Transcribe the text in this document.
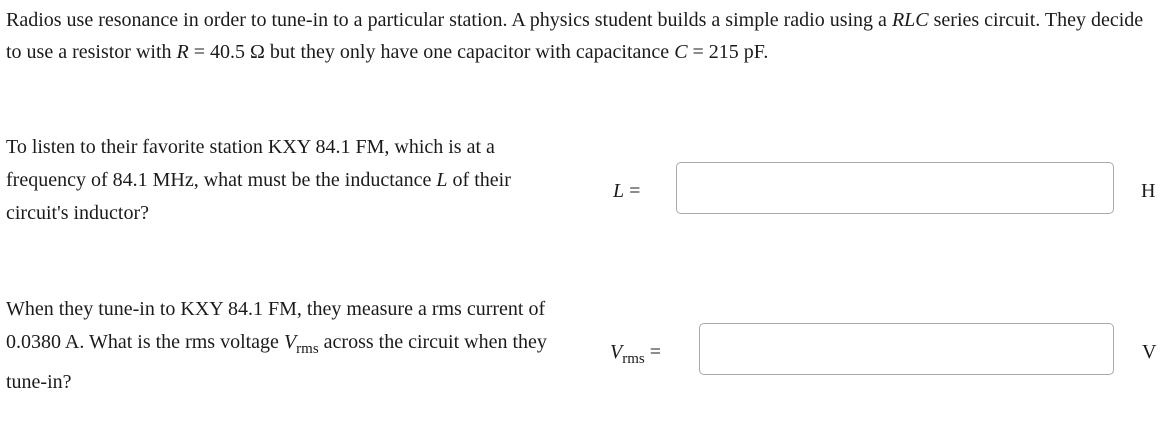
Radios use resonance in order to tune-in to a particular station. A physics student builds a simple radio using a RLC series circuit. They decide to use a resistor with R = 40.5 Ω but they only have one capacitor with capacitance C = 215 pF.
To listen to their favorite station KXY 84.1 FM, which is at a frequency of 84.1 MHz, what must be the inductance L of their circuit's inductor?
L =	H
When they tune-in to KXY 84.1 FM, they measure a rms current of 0.0380 A. What is the rms voltage $V_{rms}$ across the circuit when they tune-in?
$V_{rms}$ =	V
